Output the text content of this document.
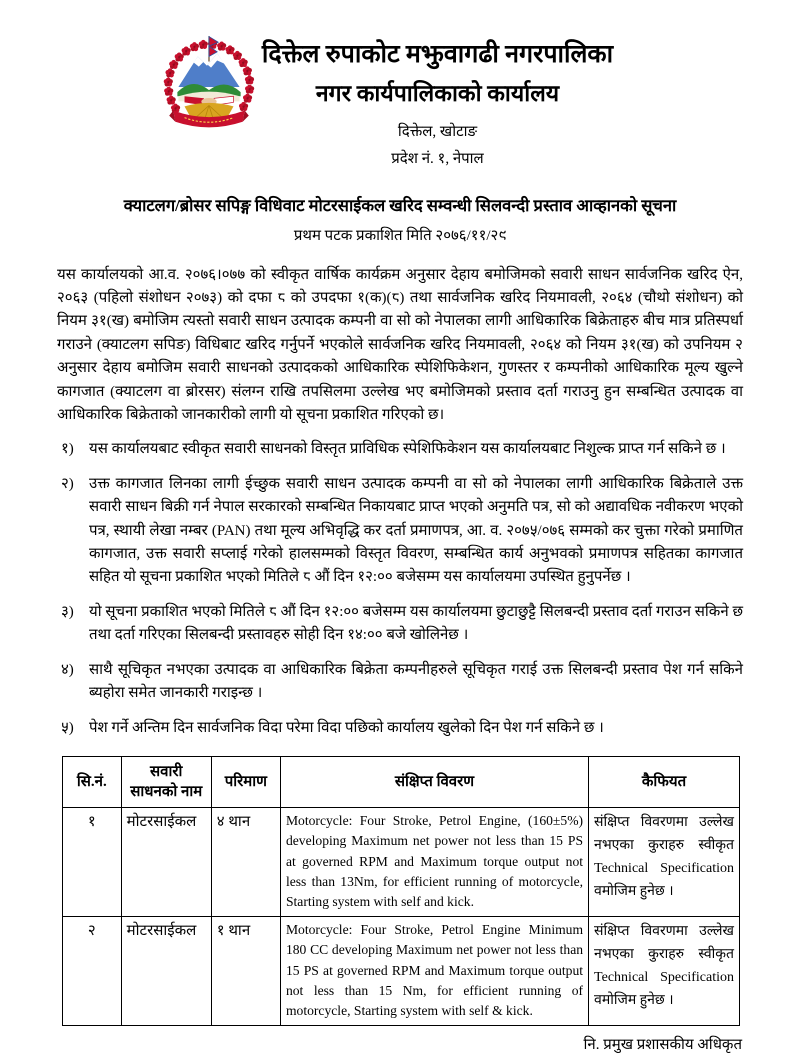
दिक्तेल रुपाकोट मझुवागढी नगरपालिका
नगर कार्यपालिकाको कार्यालय
दिक्तेल, खोटाङ
प्रदेश नं. १, नेपाल
क्याटलग/ब्रोसर सपिङ्ग विधिवाट मोटरसाईकल खरिद सम्वन्धी सिलवन्दी प्रस्ताव आव्हानको सूचना
प्रथम पटक प्रकाशित मिति २०७६/११/२९
यस कार्यालयको आ.व. २०७६।०७७ को स्वीकृत वार्षिक कार्यक्रम अनुसार देहाय बमोजिमको सवारी साधन सार्वजनिक खरिद ऐन, २०६३ (पहिलो संशोधन २०७३) को दफा ८ को उपदफा १(क)(८) तथा सार्वजनिक खरिद नियमावली, २०६४ (चौथो संशोधन) को नियम ३१(ख) बमोजिम त्यस्तो सवारी साधन उत्पादक कम्पनी वा सो को नेपालका लागी आधिकारिक बिक्रेताहरु बीच मात्र प्रतिस्पर्धा गराउने (क्याटलग सपिङ) विधिबाट खरिद गर्नुपर्ने भएकोले सार्वजनिक खरिद नियमावली, २०६४ को नियम ३१(ख) को उपनियम २ अनुसार देहाय बमोजिम सवारी साधनको उत्पादकको आधिकारिक स्पेशिफिकेशन, गुणस्तर र कम्पनीको आधिकारिक मूल्य खुल्ने कागजात (क्याटलग वा ब्रोरसर) संलग्न राखि तपसिलमा उल्लेख भए बमोजिमको प्रस्ताव दर्ता गराउनु हुन सम्बन्धित उत्पादक वा आधिकारिक बिक्रेताको जानकारीको लागी यो सूचना प्रकाशित गरिएको छ।
१)	यस कार्यालयबाट स्वीकृत सवारी साधनको विस्तृत प्राविधिक स्पेशिफिकेशन यस कार्यालयबाट निशुल्क प्राप्त गर्न सकिने छ ।
२)	उक्त कागजात लिनका लागी ईच्छुक सवारी साधन उत्पादक कम्पनी वा सो को नेपालका लागी आधिकारिक बिक्रेताले उक्त सवारी साधन बिक्री गर्न नेपाल सरकारको सम्बन्धित निकायबाट प्राप्त भएको अनुमति पत्र, सो को अद्यावधिक नवीकरण भएको पत्र, स्थायी लेखा नम्बर (PAN) तथा मूल्य अभिवृद्धि कर दर्ता प्रमाणपत्र, आ. व. २०७५/०७६ सम्मको कर चुक्ता गरेको प्रमाणित कागजात, उक्त सवारी सप्लाई गरेको हालसम्मको विस्तृत विवरण, सम्बन्धित कार्य अनुभवको प्रमाणपत्र सहितका कागजात सहित यो सूचना प्रकाशित भएको मितिले ८ औं दिन १२:०० बजेसम्म यस कार्यालयमा उपस्थित हुनुपर्नेछ ।
३)	यो सूचना प्रकाशित भएको मितिले ८ औं दिन १२:०० बजेसम्म यस कार्यालयमा छुटाछुट्टै सिलबन्दी प्रस्ताव दर्ता गराउन सकिने छ तथा दर्ता गरिएका सिलबन्दी प्रस्तावहरु सोही दिन १४:०० बजे खोलिनेछ ।
४)	साथै सूचिकृत नभएका उत्पादक वा आधिकारिक बिक्रेता कम्पनीहरुले सूचिकृत गराई उक्त सिलबन्दी प्रस्ताव पेश गर्न सकिने ब्यहोरा समेत जानकारी गराइन्छ ।
५)	पेश गर्ने अन्तिम दिन सार्वजनिक विदा परेमा विदा पछिको कार्यालय खुलेको दिन पेश गर्न सकिने छ ।
सि.नं.	सवारी साधनको नाम	परिमाण	संक्षिप्त विवरण	कैफियत
१	मोटरसाईकल	४ थान	Motorcycle: Four Stroke, Petrol Engine, (160±5%) developing Maximum net power not less than 15 PS at governed RPM and Maximum torque output not less than 13Nm, for efficient running of motorcycle, Starting system with self and kick.	संक्षिप्त विवरणमा उल्लेख नभएका कुराहरु स्वीकृत Technical Specification वमोजिम हुनेछ ।
२	मोटरसाईकल	१ थान	Motorcycle: Four Stroke, Petrol Engine Minimum 180 CC developing Maximum net power not less than 15 PS at governed RPM and Maximum torque output not less than 15 Nm, for efficient running of motorcycle, Starting system with self & kick.	संक्षिप्त विवरणमा उल्लेख नभएका कुराहरु स्वीकृत Technical Specification वमोजिम हुनेछ ।
नि. प्रमुख प्रशासकीय अधिकृत
